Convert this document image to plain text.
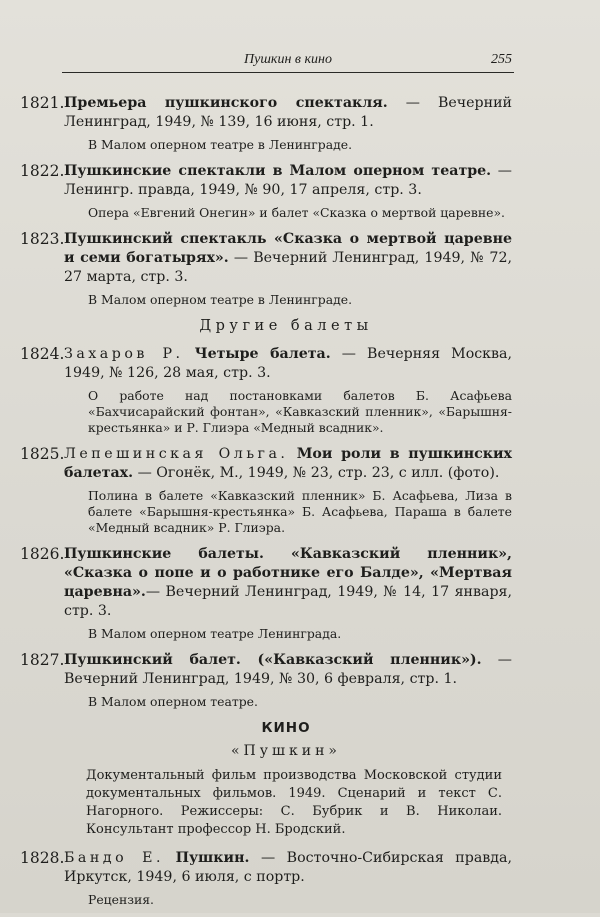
Пушкин в кино	255
1821. Премьера пушкинского спектакля. — Вечерний Ленинград, 1949, № 139, 16 июня, стр. 1.
В Малом оперном театре в Ленинграде.
1822. Пушкинские спектакли в Малом оперном театре. — Ленингр. правда, 1949, № 90, 17 апреля, стр. 3.
Опера «Евгений Онегин» и балет «Сказка о мертвой царевне».
1823. Пушкинский спектакль «Сказка о мертвой царевне и семи богатырях». — Вечерний Ленинград, 1949, № 72, 27 марта, стр. 3.
В Малом оперном театре в Ленинграде.
Другие балеты
1824. Захаров Р. Четыре балета. — Вечерняя Москва, 1949, № 126, 28 мая, стр. 3.
О работе над постановками балетов Б. Асафьева «Бахчисарайский фонтан», «Кавказский пленник», «Барышня-крестьянка» и Р. Глиэра «Медный всадник».
1825. Лепешинская Ольга. Мои роли в пушкинских балетах. — Огонёк, М., 1949, № 23, стр. 23, с илл. (фото).
Полина в балете «Кавказский пленник» Б. Асафьева, Лиза в балете «Барышня-крестьянка» Б. Асафьева, Параша в балете «Медный всадник» Р. Глиэра.
1826. Пушкинские балеты. «Кавказский пленник», «Сказка о попе и о работнике его Балде», «Мертвая царевна».— Вечерний Ленинград, 1949, № 14, 17 января, стр. 3.
В Малом оперном театре Ленинграда.
1827. Пушкинский балет. («Кавказский пленник»). — Вечерний Ленинград, 1949, № 30, 6 февраля, стр. 1.
В Малом оперном театре.
КИНО
«Пушкин»
Документальный фильм производства Московской студии документальных фильмов. 1949. Сценарий и текст С. Нагорного. Режиссеры: С. Бубрик и В. Николаи. Консультант профессор Н. Бродский.
1828. Бандо Е. Пушкин. — Восточно-Сибирская правда, Иркутск, 1949, 6 июля, с портр.
Рецензия.
